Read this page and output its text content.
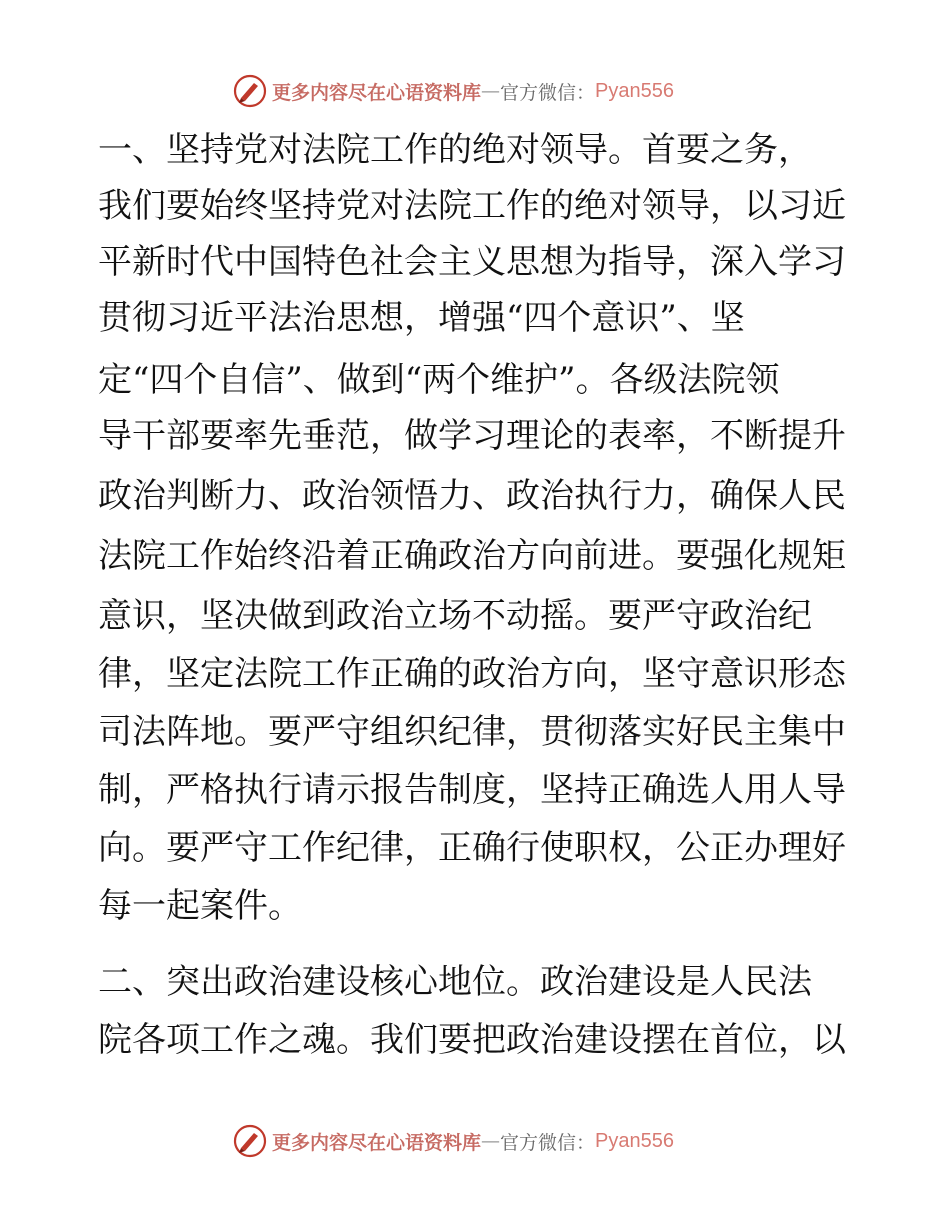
更多内容尽在心语资料库 — 官方微信： Pyan556
一、坚持党对法院工作的绝对领导。首要之务，
我们要始终坚持党对法院工作的绝对领导，以习近
平新时代中国特色社会主义思想为指导，深入学习
贯彻习近平法治思想，增强“四个意识”、坚
定“四个自信”、做到“两个维护”。各级法院领
导干部要率先垂范，做学习理论的表率，不断提升
政治判断力、政治领悟力、政治执行力，确保人民
法院工作始终沿着正确政治方向前进。要强化规矩
意识，坚决做到政治立场不动摇。要严守政治纪
律，坚定法院工作正确的政治方向，坚守意识形态
司法阵地。要严守组织纪律，贯彻落实好民主集中
制，严格执行请示报告制度，坚持正确选人用人导
向。要严守工作纪律，正确行使职权，公正办理好
每一起案件。
二、突出政治建设核心地位。政治建设是人民法
院各项工作之魂。我们要把政治建设摆在首位，以
更多内容尽在心语资料库 — 官方微信： Pyan556
